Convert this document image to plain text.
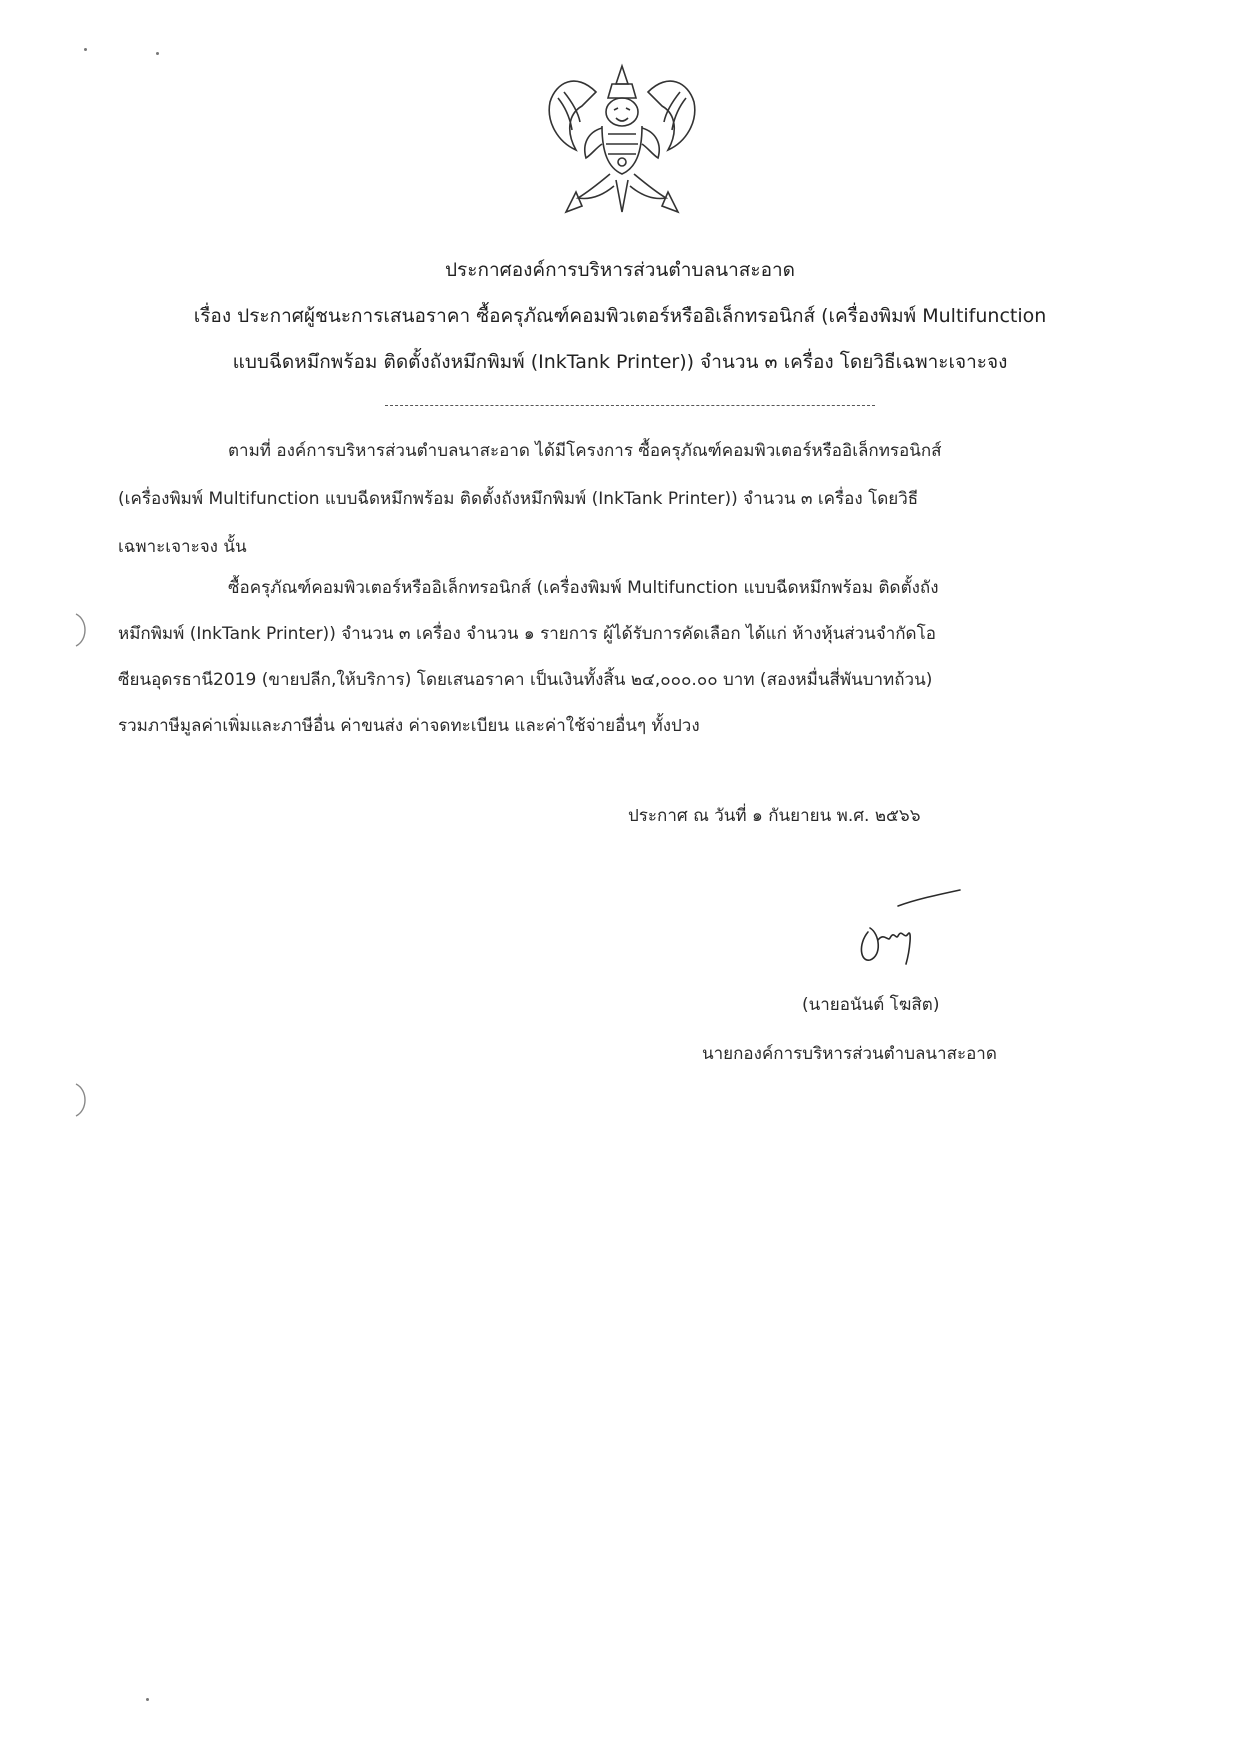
ประกาศองค์การบริหารส่วนตำบลนาสะอาด
เรื่อง ประกาศผู้ชนะการเสนอราคา ซื้อครุภัณฑ์คอมพิวเตอร์หรืออิเล็กทรอนิกส์ (เครื่องพิมพ์ Multifunction
แบบฉีดหมึกพร้อม ติดตั้งถังหมึกพิมพ์ (InkTank Printer)) จำนวน ๓ เครื่อง โดยวิธีเฉพาะเจาะจง
ตามที่ องค์การบริหารส่วนตำบลนาสะอาด ได้มีโครงการ ซื้อครุภัณฑ์คอมพิวเตอร์หรืออิเล็กทรอนิกส์
(เครื่องพิมพ์ Multifunction แบบฉีดหมึกพร้อม ติดตั้งถังหมึกพิมพ์ (InkTank Printer)) จำนวน ๓ เครื่อง โดยวิธี
เฉพาะเจาะจง นั้น
ซื้อครุภัณฑ์คอมพิวเตอร์หรืออิเล็กทรอนิกส์ (เครื่องพิมพ์ Multifunction แบบฉีดหมึกพร้อม ติดตั้งถัง
หมึกพิมพ์ (InkTank Printer)) จำนวน ๓ เครื่อง จำนวน ๑ รายการ ผู้ได้รับการคัดเลือก ได้แก่ ห้างหุ้นส่วนจำกัดโอ
ซียนอุดรธานี2019 (ขายปลีก,ให้บริการ) โดยเสนอราคา เป็นเงินทั้งสิ้น ๒๔,๐๐๐.๐๐ บาท (สองหมื่นสี่พันบาทถ้วน)
รวมภาษีมูลค่าเพิ่มและภาษีอื่น ค่าขนส่ง ค่าจดทะเบียน และค่าใช้จ่ายอื่นๆ ทั้งปวง
ประกาศ ณ วันที่ ๑ กันยายน พ.ศ. ๒๕๖๖
(นายอนันต์ โฆสิต)
นายกองค์การบริหารส่วนตำบลนาสะอาด
